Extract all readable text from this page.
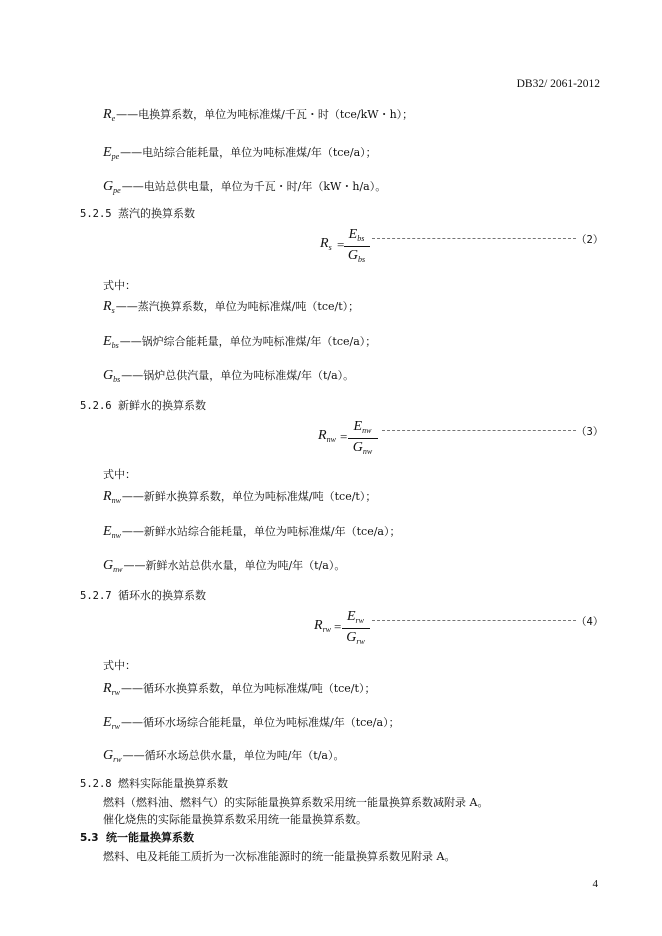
DB32/ 2061-2012
$R_e——$电换算系数，单位为吨标准煤/千瓦・时（tce/kW・h）；
$E_{pe}——$电站综合能耗量，单位为吨标准煤/年（tce/a）；
$G_{pe}——$电站总供电量，单位为千瓦・时/年（kW・h/a）。
5.2.5 蒸汽的换算系数
$R_s$ =
$E_{bs}$
$G_{bs}$
（2）
式中：
$R_s——$蒸汽换算系数，单位为吨标准煤/吨（tce/t）；
$E_{bs}——$锅炉综合能耗量，单位为吨标准煤/年（tce/a）；
$G_{bs}——$锅炉总供汽量，单位为吨标准煤/年（t/a）。
5.2.6 新鲜水的换算系数
$R_{nw}$ =
$E_{nw}$
$G_{nw}$
（3）
式中：
$R_{nw}——$新鲜水换算系数，单位为吨标准煤/吨（tce/t）；
$E_{nw}——$新鲜水站综合能耗量，单位为吨标准煤/年（tce/a）；
$G_{nw}——$新鲜水站总供水量，单位为吨/年（t/a）。
5.2.7 循环水的换算系数
$R_{rw}$ =
$E_{rw}$
$G_{rw}$
（4）
式中：
$R_{rw}——$循环水换算系数，单位为吨标准煤/吨（tce/t）；
$E_{rw}——$循环水场综合能耗量，单位为吨标准煤/年（tce/a）；
$G_{rw}——$循环水场总供水量，单位为吨/年（t/a）。
5.2.8 燃料实际能量换算系数
燃料（燃料油、燃料气）的实际能量换算系数采用统一能量换算系数减附录 A。
催化烧焦的实际能量换算系数采用统一能量换算系数。
5.3 统一能量换算系数
燃料、电及耗能工质折为一次标准能源时的统一能量换算系数见附录 A。
4
